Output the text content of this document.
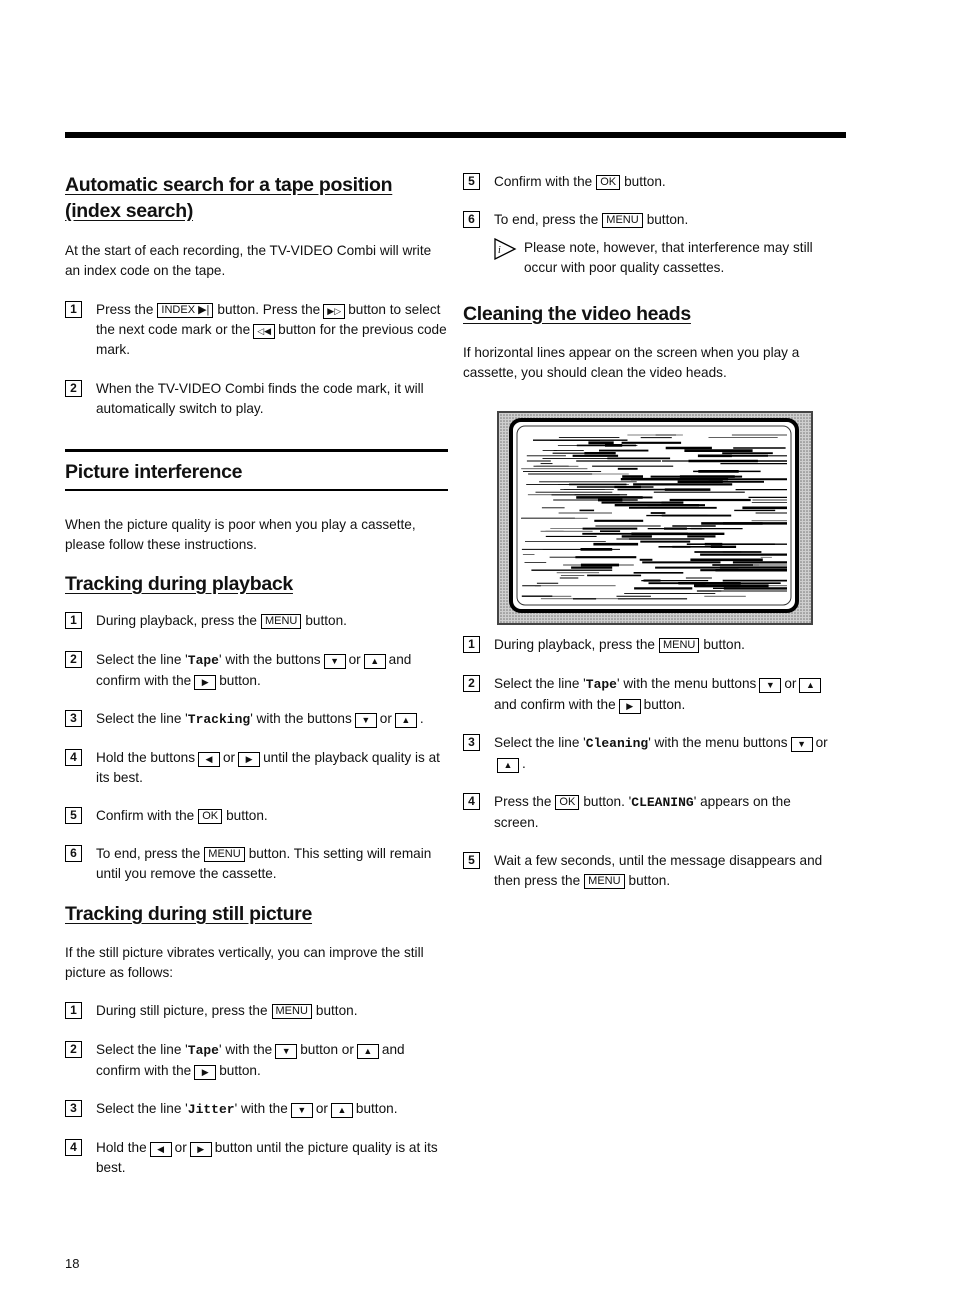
Automatic search for a tape position (index search)

At the start of each recording, the TV-VIDEO Combi will write an index code on the tape.

1	Press the INDEX ▶| button. Press the ▶▷ button to select the next code mark or the ◁◀ button for the previous code mark.
2	When the TV-VIDEO Combi finds the code mark, it will automatically switch to play.
Picture interference

When the picture quality is poor when you play a cassette, please follow these instructions.

Tracking during playback
1	During playback, press the MENU button.
2	Select the line 'Tape' with the buttons ▼ or ▲ and confirm with the ▶ button.
3	Select the line 'Tracking' with the buttons ▼ or ▲ .
4	Hold the buttons ◀ or ▶ until the playback quality is at its best.
5	Confirm with the OK button.
6	To end, press the MENU button. This setting will remain until you remove the cassette.
Tracking during still picture

If the still picture vibrates vertically, you can improve the still picture as follows:

1	During still picture, press the MENU button.
2	Select the line 'Tape' with the ▼ button or ▲ and confirm with the ▶ button.
3	Select the line 'Jitter' with the ▼ or ▲ button.
4	Hold the ◀ or ▶ button until the picture quality is at its best.
5	Confirm with the OK button.
6	To end, press the MENU button.
i Please note, however, that interference may still occur with poor quality cassettes.
Cleaning the video heads

If horizontal lines appear on the screen when you play a cassette, you should clean the video heads.

1	During playback, press the MENU button.
2	Select the line 'Tape' with the menu buttons ▼ or ▲and confirm with the ▶ button.
3	Select the line 'Cleaning' with the menu buttons ▼ or▲ .
4	Press the OK button. 'CLEANING' appears on the screen.
5	Wait a few seconds, until the message disappears and then press the MENU button.
18
